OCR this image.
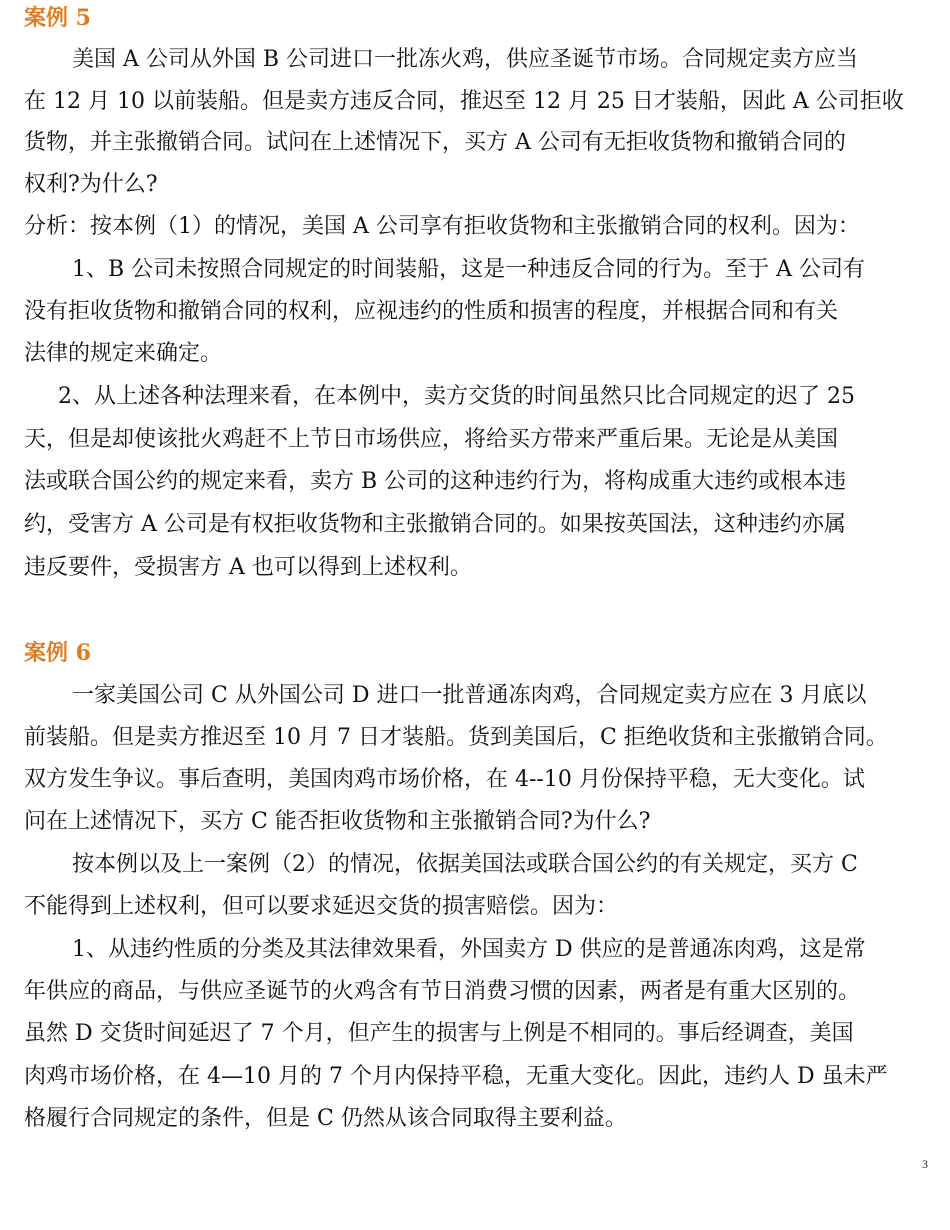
案例 5
美国 A 公司从外国 B 公司进口一批冻火鸡，供应圣诞节市场。合同规定卖方应当
在 12 月 10 以前装船。但是卖方违反合同，推迟至 12 月 25 日才装船，因此 A 公司拒收
货物，并主张撤销合同。试问在上述情况下，买方 A 公司有无拒收货物和撤销合同的
权利?为什么?
分析：按本例（1）的情况，美国 A 公司享有拒收货物和主张撤销合同的权利。因为：
1、B 公司未按照合同规定的时间装船，这是一种违反合同的行为。至于 A 公司有
没有拒收货物和撤销合同的权利，应视违约的性质和损害的程度，并根据合同和有关
法律的规定来确定。
2、从上述各种法理来看，在本例中，卖方交货的时间虽然只比合同规定的迟了 25
天，但是却使该批火鸡赶不上节日市场供应，将给买方带来严重后果。无论是从美国
法或联合国公约的规定来看，卖方 B 公司的这种违约行为，将构成重大违约或根本违
约，受害方 A 公司是有权拒收货物和主张撤销合同的。如果按英国法，这种违约亦属
违反要件，受损害方 A 也可以得到上述权利。
案例 6
一家美国公司 C 从外国公司 D 进口一批普通冻肉鸡，合同规定卖方应在 3 月底以
前装船。但是卖方推迟至 10 月 7 日才装船。货到美国后，C 拒绝收货和主张撤销合同。
双方发生争议。事后查明，美国肉鸡市场价格，在 4--10 月份保持平稳，无大变化。试
问在上述情况下，买方 C 能否拒收货物和主张撤销合同?为什么?
按本例以及上一案例（2）的情况，依据美国法或联合国公约的有关规定，买方 C
不能得到上述权利，但可以要求延迟交货的损害赔偿。因为：
1、从违约性质的分类及其法律效果看，外国卖方 D 供应的是普通冻肉鸡，这是常
年供应的商品，与供应圣诞节的火鸡含有节日消费习惯的因素，两者是有重大区别的。
虽然 D 交货时间延迟了 7 个月，但产生的损害与上例是不相同的。事后经调查，美国
肉鸡市场价格，在 4—10 月的 7 个月内保持平稳，无重大变化。因此，违约人 D 虽未严
格履行合同规定的条件，但是 C 仍然从该合同取得主要利益。
3
